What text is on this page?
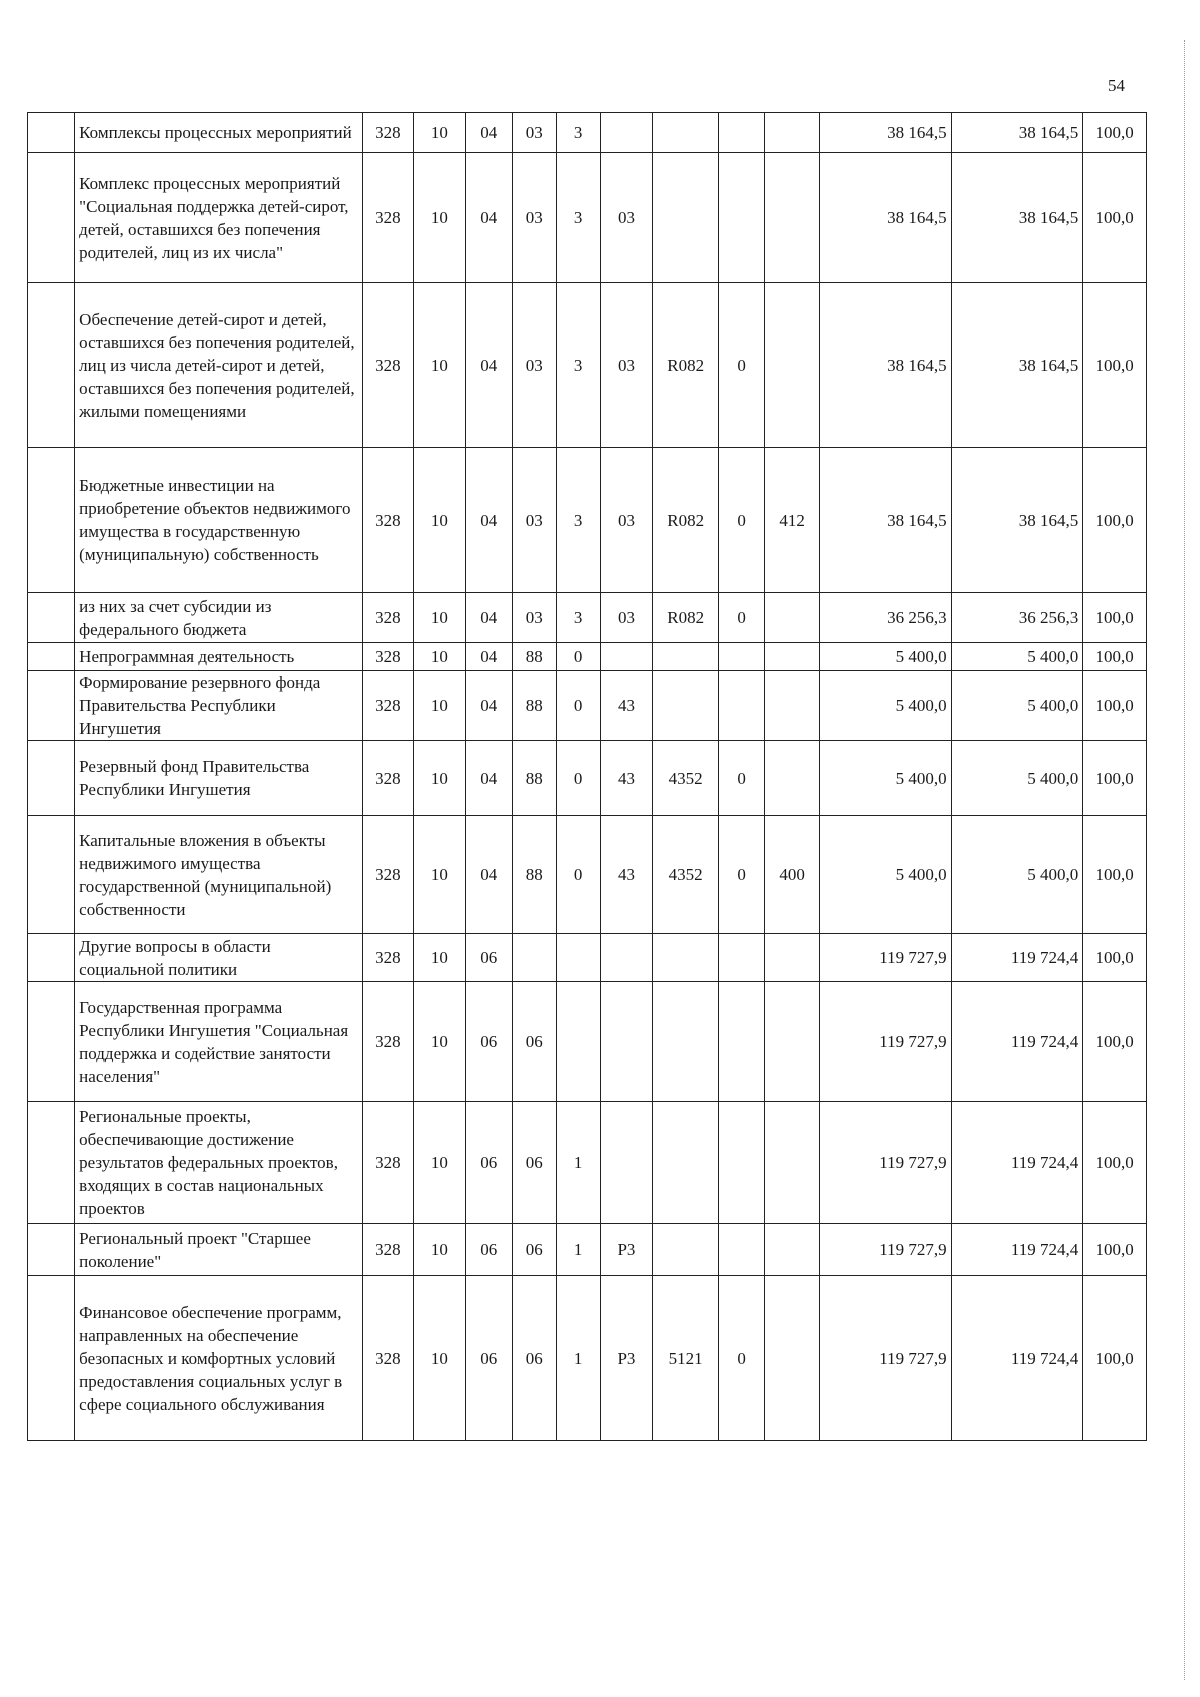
54
	Комплексы процессных мероприятий	328	10	04	03	3					38 164,5	38 164,5	100,0
	Комплекс процессных мероприятий "Социальная поддержка детей-сирот, детей, оставшихся без попечения родителей, лиц из их числа"	328	10	04	03	3	03				38 164,5	38 164,5	100,0
	Обеспечение детей-сирот и детей, оставшихся без попечения родителей, лиц из числа детей-сирот и детей, оставшихся без попечения родителей, жилыми помещениями	328	10	04	03	3	03	R082	0		38 164,5	38 164,5	100,0
	Бюджетные инвестиции на приобретение объектов недвижимого имущества в государственную (муниципальную) собственность	328	10	04	03	3	03	R082	0	412	38 164,5	38 164,5	100,0
	из них за счет субсидии из федерального бюджета	328	10	04	03	3	03	R082	0		36 256,3	36 256,3	100,0
	Непрограммная деятельность	328	10	04	88	0					5 400,0	5 400,0	100,0
	Формирование резервного фонда Правительства Республики Ингушетия	328	10	04	88	0	43				5 400,0	5 400,0	100,0
	Резервный фонд Правительства Республики Ингушетия	328	10	04	88	0	43	4352	0		5 400,0	5 400,0	100,0
	Капитальные вложения в объекты недвижимого имущества государственной (муниципальной) собственности	328	10	04	88	0	43	4352	0	400	5 400,0	5 400,0	100,0
	Другие вопросы в области социальной политики	328	10	06							119 727,9	119 724,4	100,0
	Государственная программа Республики Ингушетия "Социальная поддержка и содействие занятости населения"	328	10	06	06						119 727,9	119 724,4	100,0
	Региональные проекты, обеспечивающие достижение результатов федеральных проектов, входящих в состав национальных проектов	328	10	06	06	1					119 727,9	119 724,4	100,0
	Региональный проект "Старшее поколение"	328	10	06	06	1	Р3				119 727,9	119 724,4	100,0
	Финансовое обеспечение программ, направленных на обеспечение безопасных и комфортных условий предоставления социальных услуг в сфере социального обслуживания	328	10	06	06	1	Р3	5121	0		119 727,9	119 724,4	100,0
